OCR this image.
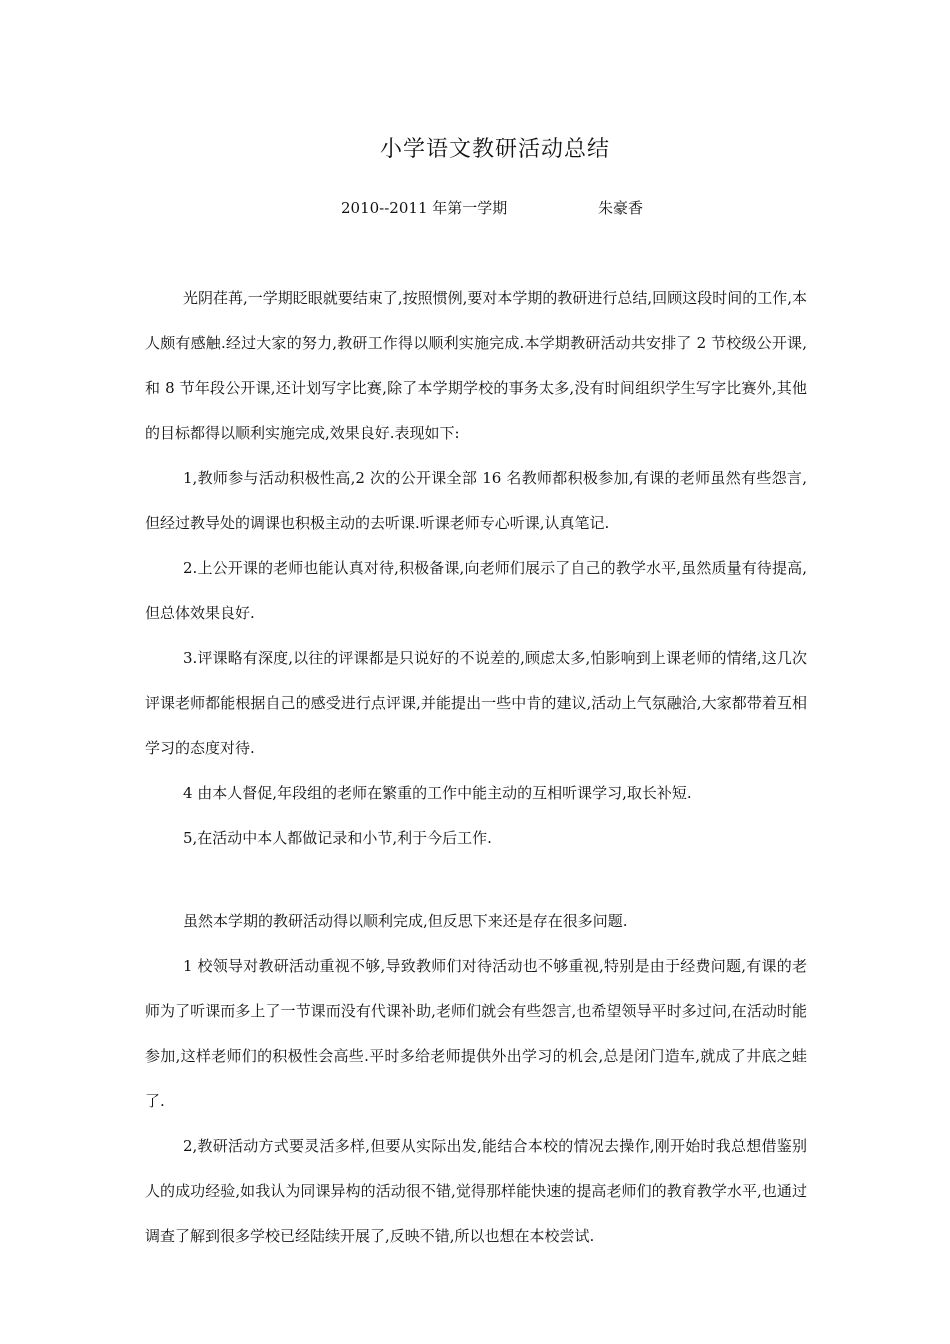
小学语文教研活动总结
2010--2011 年第一学期	朱豪香

光阴荏苒,一学期眨眼就要结束了,按照惯例,要对本学期的教研进行总结,回顾这段时间的工作,本人颇有感触.经过大家的努力,教研工作得以顺利实施完成.本学期教研活动共安排了 2 节校级公开课,和 8 节年段公开课,还计划写字比赛,除了本学期学校的事务太多,没有时间组织学生写字比赛外,其他的目标都得以顺利实施完成,效果良好.表现如下:

1,教师参与活动积极性高,2 次的公开课全部 16 名教师都积极参加,有课的老师虽然有些怨言,但经过教导处的调课也积极主动的去听课.听课老师专心听课,认真笔记.

2.上公开课的老师也能认真对待,积极备课,向老师们展示了自己的教学水平,虽然质量有待提高,但总体效果良好.

3.评课略有深度,以往的评课都是只说好的不说差的,顾虑太多,怕影响到上课老师的情绪,这几次评课老师都能根据自己的感受进行点评课,并能提出一些中肯的建议,活动上气氛融洽,大家都带着互相学习的态度对待.

4 由本人督促,年段组的老师在繁重的工作中能主动的互相听课学习,取长补短.

5,在活动中本人都做记录和小节,利于今后工作.

虽然本学期的教研活动得以顺利完成,但反思下来还是存在很多问题.

1 校领导对教研活动重视不够,导致教师们对待活动也不够重视,特别是由于经费问题,有课的老师为了听课而多上了一节课而没有代课补助,老师们就会有些怨言,也希望领导平时多过问,在活动时能参加,这样老师们的积极性会高些.平时多给老师提供外出学习的机会,总是闭门造车,就成了井底之蛙了.

2,教研活动方式要灵活多样,但要从实际出发,能结合本校的情况去操作,刚开始时我总想借鉴别人的成功经验,如我认为同课异构的活动很不错,觉得那样能快速的提高老师们的教育教学水平,也通过调查了解到很多学校已经陆续开展了,反映不错,所以也想在本校尝试.
